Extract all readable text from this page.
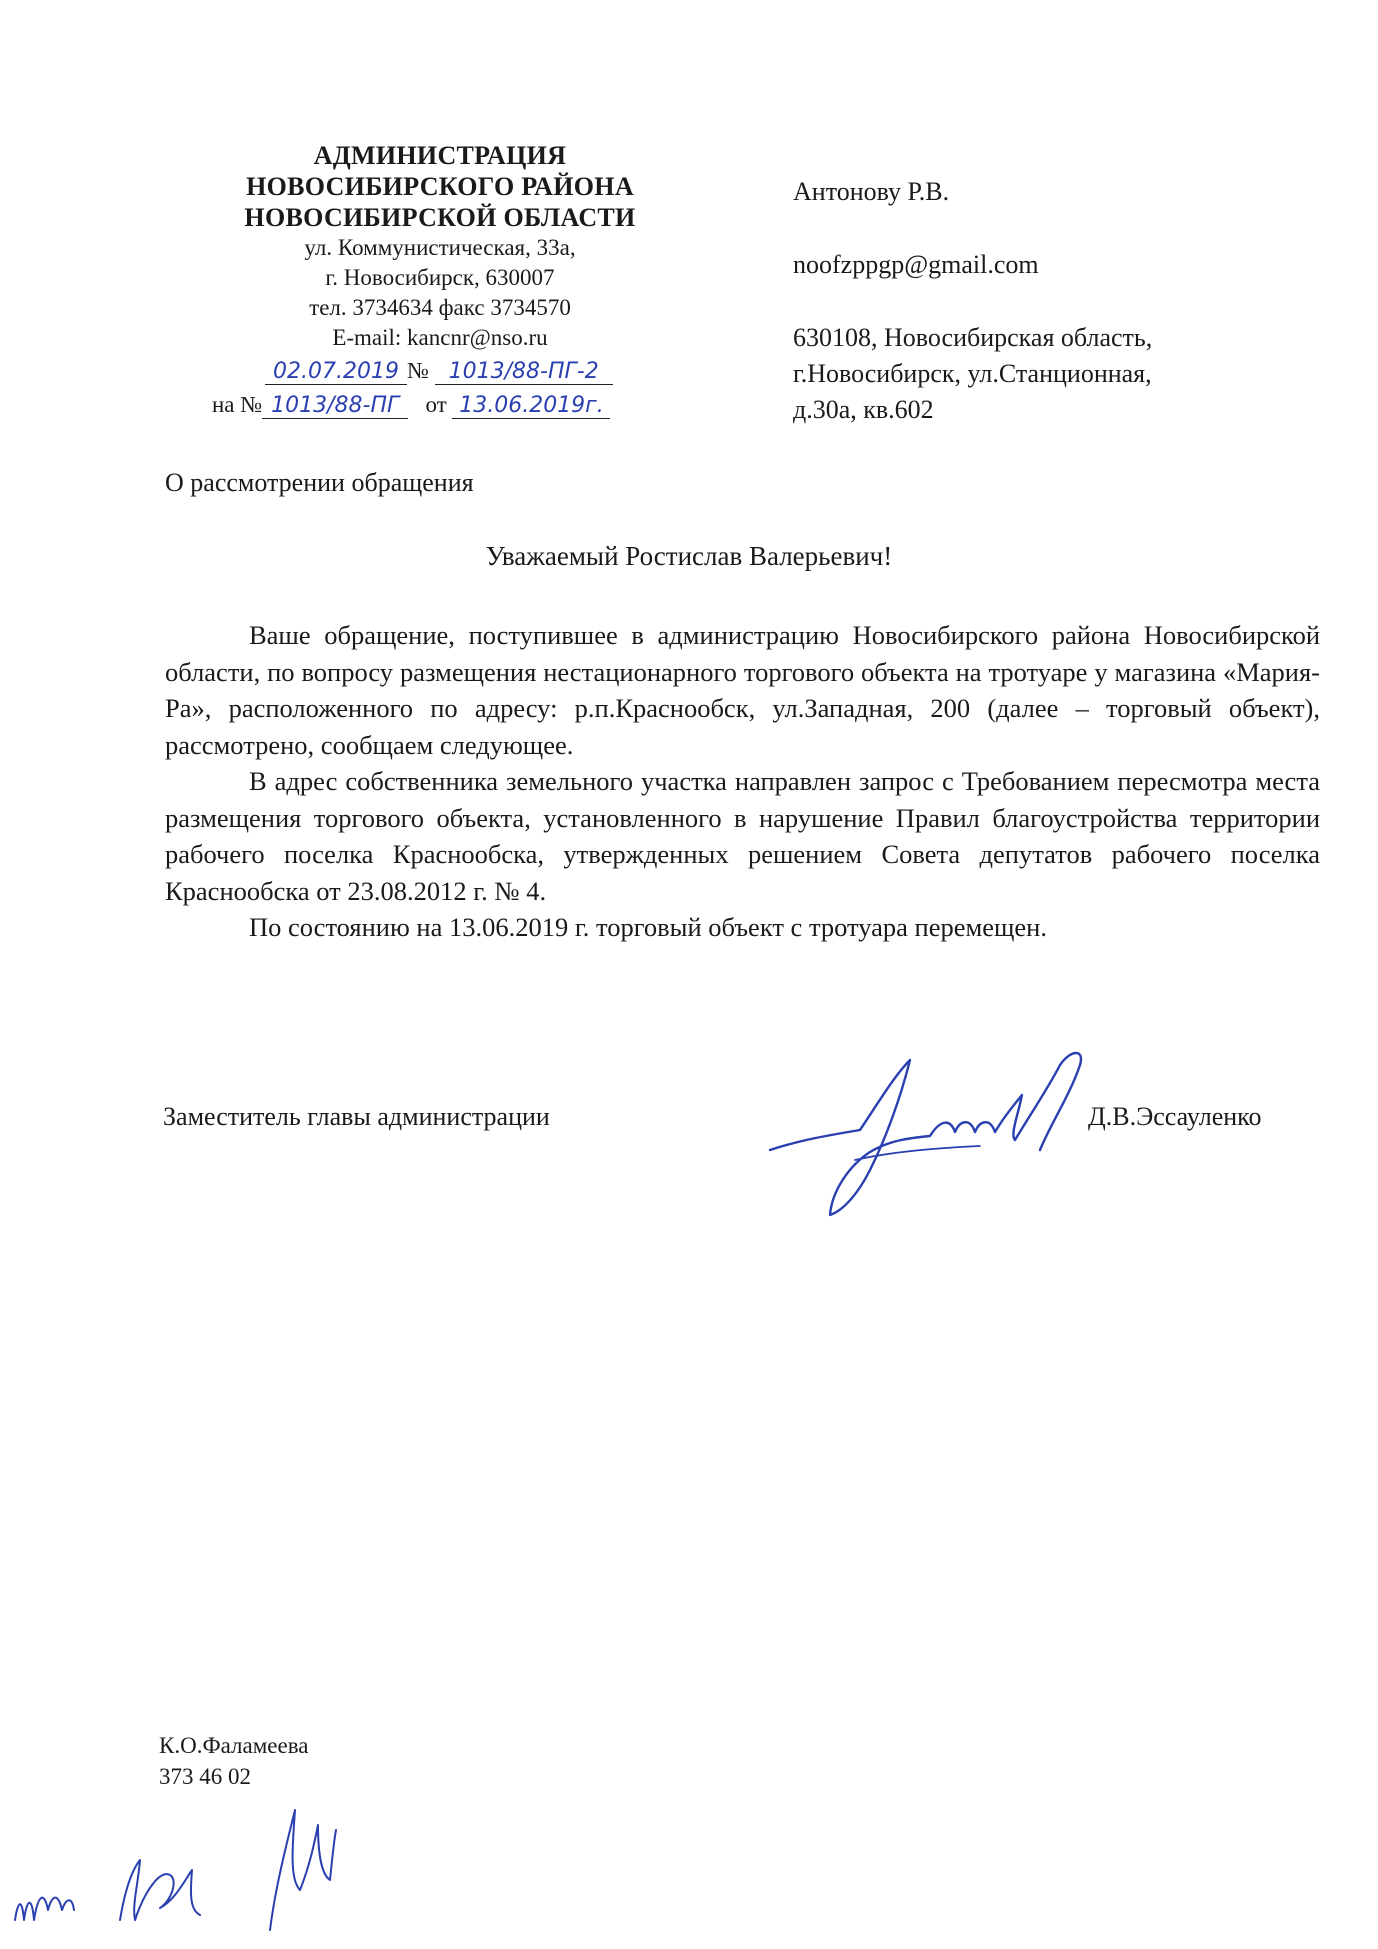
АДМИНИСТРАЦИЯ
НОВОСИБИРСКОГО РАЙОНА
НОВОСИБИРСКОЙ ОБЛАСТИ
ул. Коммунистическая, 33а,
г. Новосибирск, 630007
тел. 3734634 факс 3734570
E-mail: kancnr@nso.ru
02.07.2019 № 1013/88-ПГ-2
на № 1013/88-ПГ от 13.06.2019г.
Антонову Р.В.
noofzppgp@gmail.com
630108, Новосибирская область,
г.Новосибирск, ул.Станционная,
д.30а, кв.602
О рассмотрении обращения
Уважаемый Ростислав Валерьевич!

Ваше обращение, поступившее в администрацию Новосибирского района Новосибирской области, по вопросу размещения нестационарного торгового объекта на тротуаре у магазина «Мария-Ра», расположенного по адресу: р.п.Краснообск, ул.Западная, 200 (далее – торговый объект), рассмотрено, сообщаем следующее.

В адрес собственника земельного участка направлен запрос с Требованием пересмотра места размещения торгового объекта, установленного в нарушение Правил благоустройства территории рабочего поселка Краснообска, утвержденных решением Совета депутатов рабочего поселка Краснообска от 23.08.2012 г. № 4.

По состоянию на 13.06.2019 г. торговый объект с тротуара перемещен.

Заместитель главы администрации	Д.В.Эссауленко
К.О.Фаламеева
373 46 02
